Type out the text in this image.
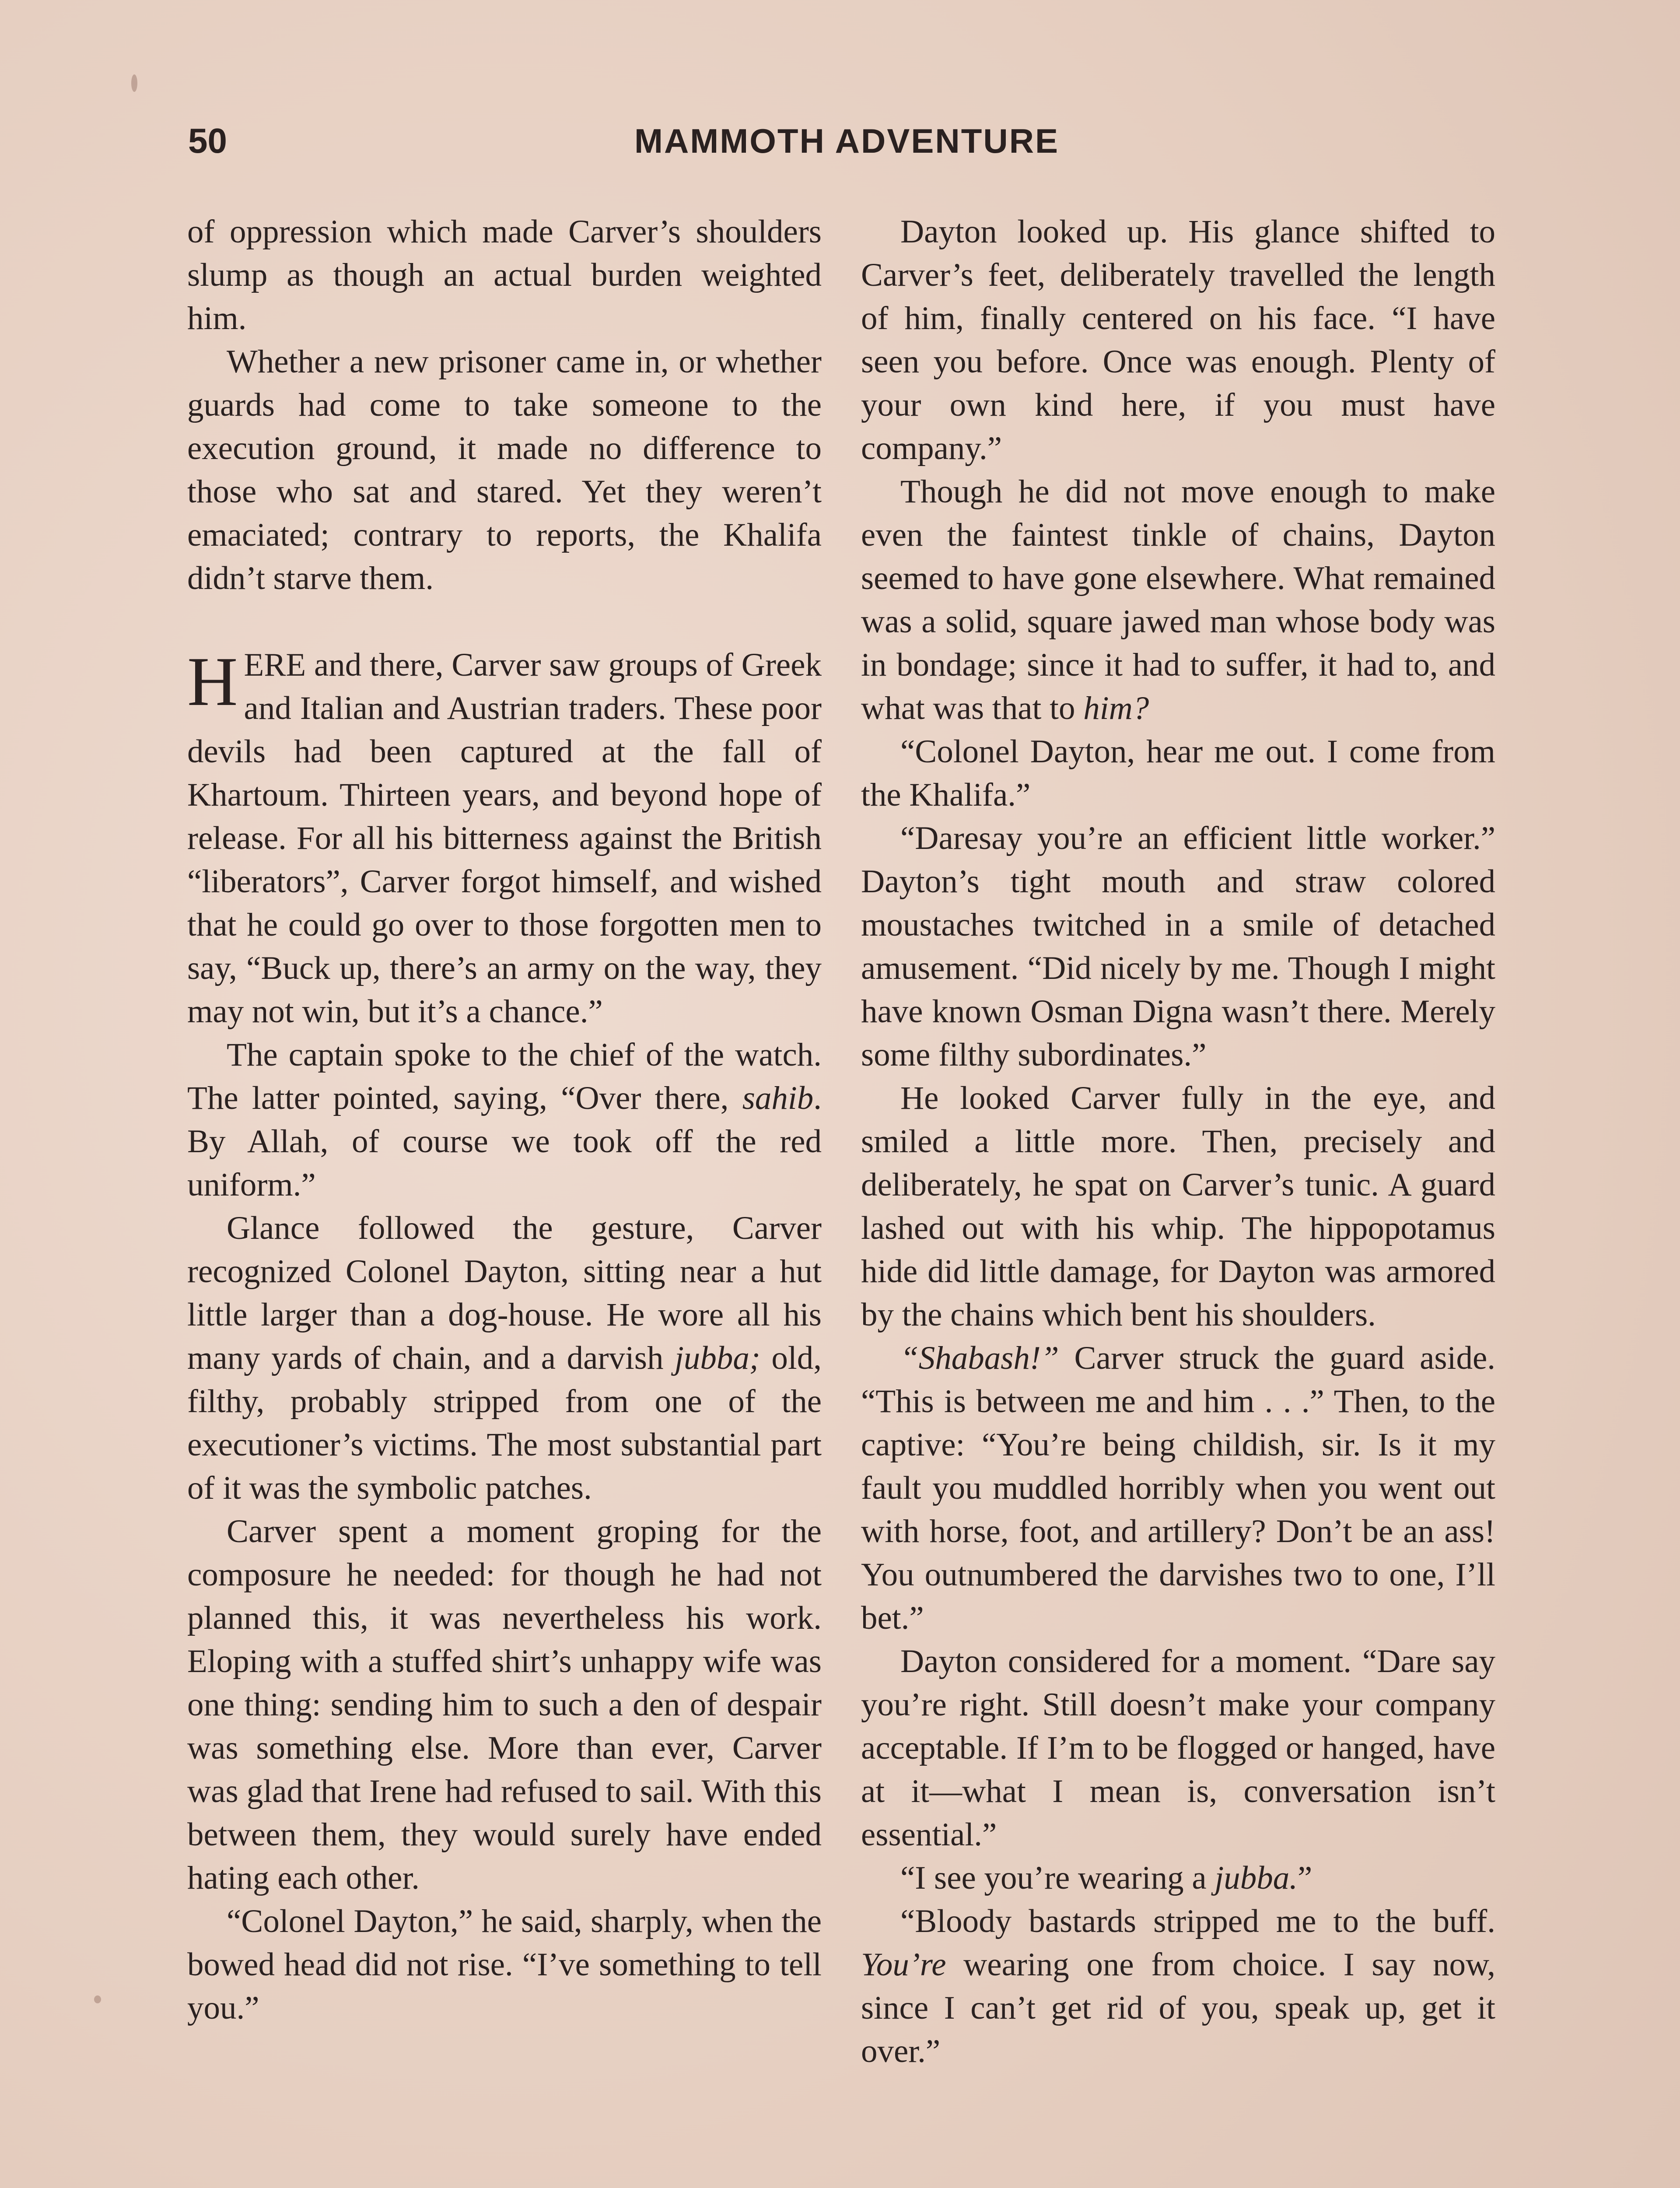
50	MAMMOTH ADVENTURE

of oppression which made Carver’s shoulders slump as though an actual burden weighted him.

Whether a new prisoner came in, or whether guards had come to take someone to the execution ground, it made no difference to those who sat and stared. Yet they weren’t emaciated; contrary to reports, the Khalifa didn’t starve them.

HERE and there, Carver saw groups of Greek and Italian and Austrian traders. These poor devils had been captured at the fall of Khartoum. Thirteen years, and beyond hope of release. For all his bitterness against the British “liberators”, Carver forgot himself, and wished that he could go over to those forgotten men to say, “Buck up, there’s an army on the way, they may not win, but it’s a chance.”

The captain spoke to the chief of the watch. The latter pointed, saying, “Over there, sahib. By Allah, of course we took off the red uniform.”

Glance followed the gesture, Carver recognized Colonel Dayton, sitting near a hut little larger than a dog-house. He wore all his many yards of chain, and a darvish jubba; old, filthy, probably stripped from one of the executioner’s victims. The most substantial part of it was the symbolic patches.

Carver spent a moment groping for the composure he needed: for though he had not planned this, it was nevertheless his work. Eloping with a stuffed shirt’s unhappy wife was one thing: sending him to such a den of despair was something else. More than ever, Carver was glad that Irene had refused to sail. With this between them, they would surely have ended hating each other.

“Colonel Dayton,” he said, sharply, when the bowed head did not rise. “I’ve something to tell you.”

Dayton looked up. His glance shifted to Carver’s feet, deliberately travelled the length of him, finally centered on his face. “I have seen you before. Once was enough. Plenty of your own kind here, if you must have company.”

Though he did not move enough to make even the faintest tinkle of chains, Dayton seemed to have gone elsewhere. What remained was a solid, square jawed man whose body was in bondage; since it had to suffer, it had to, and what was that to him?

“Colonel Dayton, hear me out. I come from the Khalifa.”

“Daresay you’re an efficient little worker.” Dayton’s tight mouth and straw colored moustaches twitched in a smile of detached amusement. “Did nicely by me. Though I might have known Osman Digna wasn’t there. Merely some filthy subordinates.”

He looked Carver fully in the eye, and smiled a little more. Then, precisely and deliberately, he spat on Carver’s tunic. A guard lashed out with his whip. The hippopotamus hide did little damage, for Dayton was armored by the chains which bent his shoulders.

“Shabash!” Carver struck the guard aside. “This is between me and him . . .” Then, to the captive: “You’re being childish, sir. Is it my fault you muddled horribly when you went out with horse, foot, and artillery? Don’t be an ass! You outnumbered the darvishes two to one, I’ll bet.”

Dayton considered for a moment. “Dare say you’re right. Still doesn’t make your company acceptable. If I’m to be flogged or hanged, have at it—what I mean is, conversation isn’t essential.”

“I see you’re wearing a jubba.”

“Bloody bastards stripped me to the buff. You’re wearing one from choice. I say now, since I can’t get rid of you, speak up, get it over.”
